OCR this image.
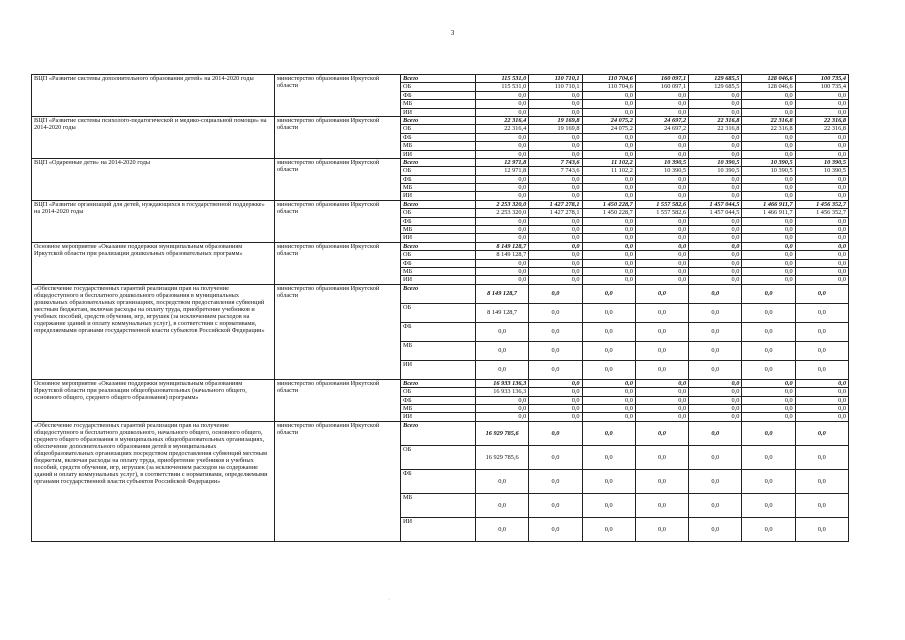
3
ВЦП «Развитие системы дополнительного образования детей» на 2014-2020 годы	министерство образования Иркутской области	Всего	115 531,0	110 710,1	110 704,6	160 097,1	129 685,5	128 046,6	100 735,4
		ОБ	115 531,0	110 710,1	110 704,6	160 097,1	129 685,5	128 046,6	100 735,4
		ФБ	0,0	0,0	0,0	0,0	0,0	0,0	0,0
		МБ	0,0	0,0	0,0	0,0	0,0	0,0	0,0
		ИИ	0,0	0,0	0,0	0,0	0,0	0,0	0,0
ВЦП «Развитие системы психолого-педагогической и медико-социальной помощи» на 2014-2020 годы	министерство образования Иркутской области	Всего	22 316,4	19 169,8	24 075,2	24 697,2	22 316,8	22 316,8	22 316,8
		ОБ	22 316,4	19 169,8	24 075,2	24 697,2	22 316,8	22 316,8	22 316,8
		ФБ	0,0	0,0	0,0	0,0	0,0	0,0	0,0
		МБ	0,0	0,0	0,0	0,0	0,0	0,0	0,0
		ИИ	0,0	0,0	0,0	0,0	0,0	0,0	0,0
ВЦП «Одаренные дети» на 2014-2020 годы	министерство образования Иркутской области	Всего	12 971,8	7 743,6	11 102,2	10 390,5	10 390,5	10 390,5	10 390,5
		ОБ	12 971,8	7 743,6	11 102,2	10 390,5	10 390,5	10 390,5	10 390,5
		ФБ	0,0	0,0	0,0	0,0	0,0	0,0	0,0
		МБ	0,0	0,0	0,0	0,0	0,0	0,0	0,0
		ИИ	0,0	0,0	0,0	0,0	0,0	0,0	0,0
ВЦП «Развитие организаций для детей, нуждающихся в государственной поддержке» на 2014-2020 годы	министерство образования Иркутской области	Всего	2 253 320,0	1 427 278,1	1 450 228,7	1 557 582,6	1 457 044,5	1 466 911,7	1 456 352,7
		ОБ	2 253 320,0	1 427 278,1	1 450 228,7	1 557 582,6	1 457 044,5	1 466 911,7	1 456 352,7
		ФБ	0,0	0,0	0,0	0,0	0,0	0,0	0,0
		МБ	0,0	0,0	0,0	0,0	0,0	0,0	0,0
		ИИ	0,0	0,0	0,0	0,0	0,0	0,0	0,0
Основное мероприятие «Оказание поддержки муниципальным образованиям Иркутской области при реализации дошкольных образовательных программ»	министерство образования Иркутской области	Всего	8 149 128,7	0,0	0,0	0,0	0,0	0,0	0,0
		ОБ	8 149 128,7	0,0	0,0	0,0	0,0	0,0	0,0
		ФБ	0,0	0,0	0,0	0,0	0,0	0,0	0,0
		МБ	0,0	0,0	0,0	0,0	0,0	0,0	0,0
		ИИ	0,0	0,0	0,0	0,0	0,0	0,0	0,0
«Обеспечение государственных гарантий реализации прав на получение общедоступного и бесплатного дошкольного образования в муниципальных дошкольных образовательных организациях, посредством предоставления субвенций местным бюджетам, включая расходы на оплату труда, приобретение учебников и учебных пособий, средств обучения, игр, игрушек (за исключением расходов на содержание зданий и оплату коммунальных услуг), в соответствии с нормативами, определяемыми органами государственной власти субъектов Российской Федерации»	министерство образования Иркутской области	Всего	8 149 128,7	0,0	0,0	0,0	0,0	0,0	0,0
		ОБ	8 149 128,7	0,0	0,0	0,0	0,0	0,0	0,0
		ФБ	0,0	0,0	0,0	0,0	0,0	0,0	0,0
		МБ	0,0	0,0	0,0	0,0	0,0	0,0	0,0
		ИИ	0,0	0,0	0,0	0,0	0,0	0,0	0,0
Основное мероприятие «Оказание поддержки муниципальным образованиям Иркутской области при реализации общеобразовательных (начального общего, основного общего, среднего общего образования) программ»	министерство образования Иркутской области	Всего	16 933 136,3	0,0	0,0	0,0	0,0	0,0	0,0
		ОБ	16 933 136,3	0,0	0,0	0,0	0,0	0,0	0,0
		ФБ	0,0	0,0	0,0	0,0	0,0	0,0	0,0
		МБ	0,0	0,0	0,0	0,0	0,0	0,0	0,0
		ИИ	0,0	0,0	0,0	0,0	0,0	0,0	0,0
«Обеспечение государственных гарантий реализации прав на получение общедоступного и бесплатного дошкольного, начального общего, основного общего, среднего общего образования в муниципальных общеобразовательных организациях, обеспечение дополнительного образования детей в муниципальных общеобразовательных организациях посредством предоставления субвенций местным бюджетам, включая расходы на оплату труда, приобретение учебников и учебных пособий, средств обучения, игр, игрушек (за исключением расходов на содержание зданий и оплату коммунальных услуг), в соответствии с нормативами, определяемыми органами государственной власти субъектов Российской Федерации»	министерство образования Иркутской области	Всего	16 929 785,6	0,0	0,0	0,0	0,0	0,0	0,0
		ОБ	16 929 785,6	0,0	0,0	0,0	0,0	0,0	0,0
		ФБ	0,0	0,0	0,0	0,0	0,0	0,0	0,0
		МБ	0,0	0,0	0,0	0,0	0,0	0,0	0,0
		ИИ	0,0	0,0	0,0	0,0	0,0	0,0	0,0
·
